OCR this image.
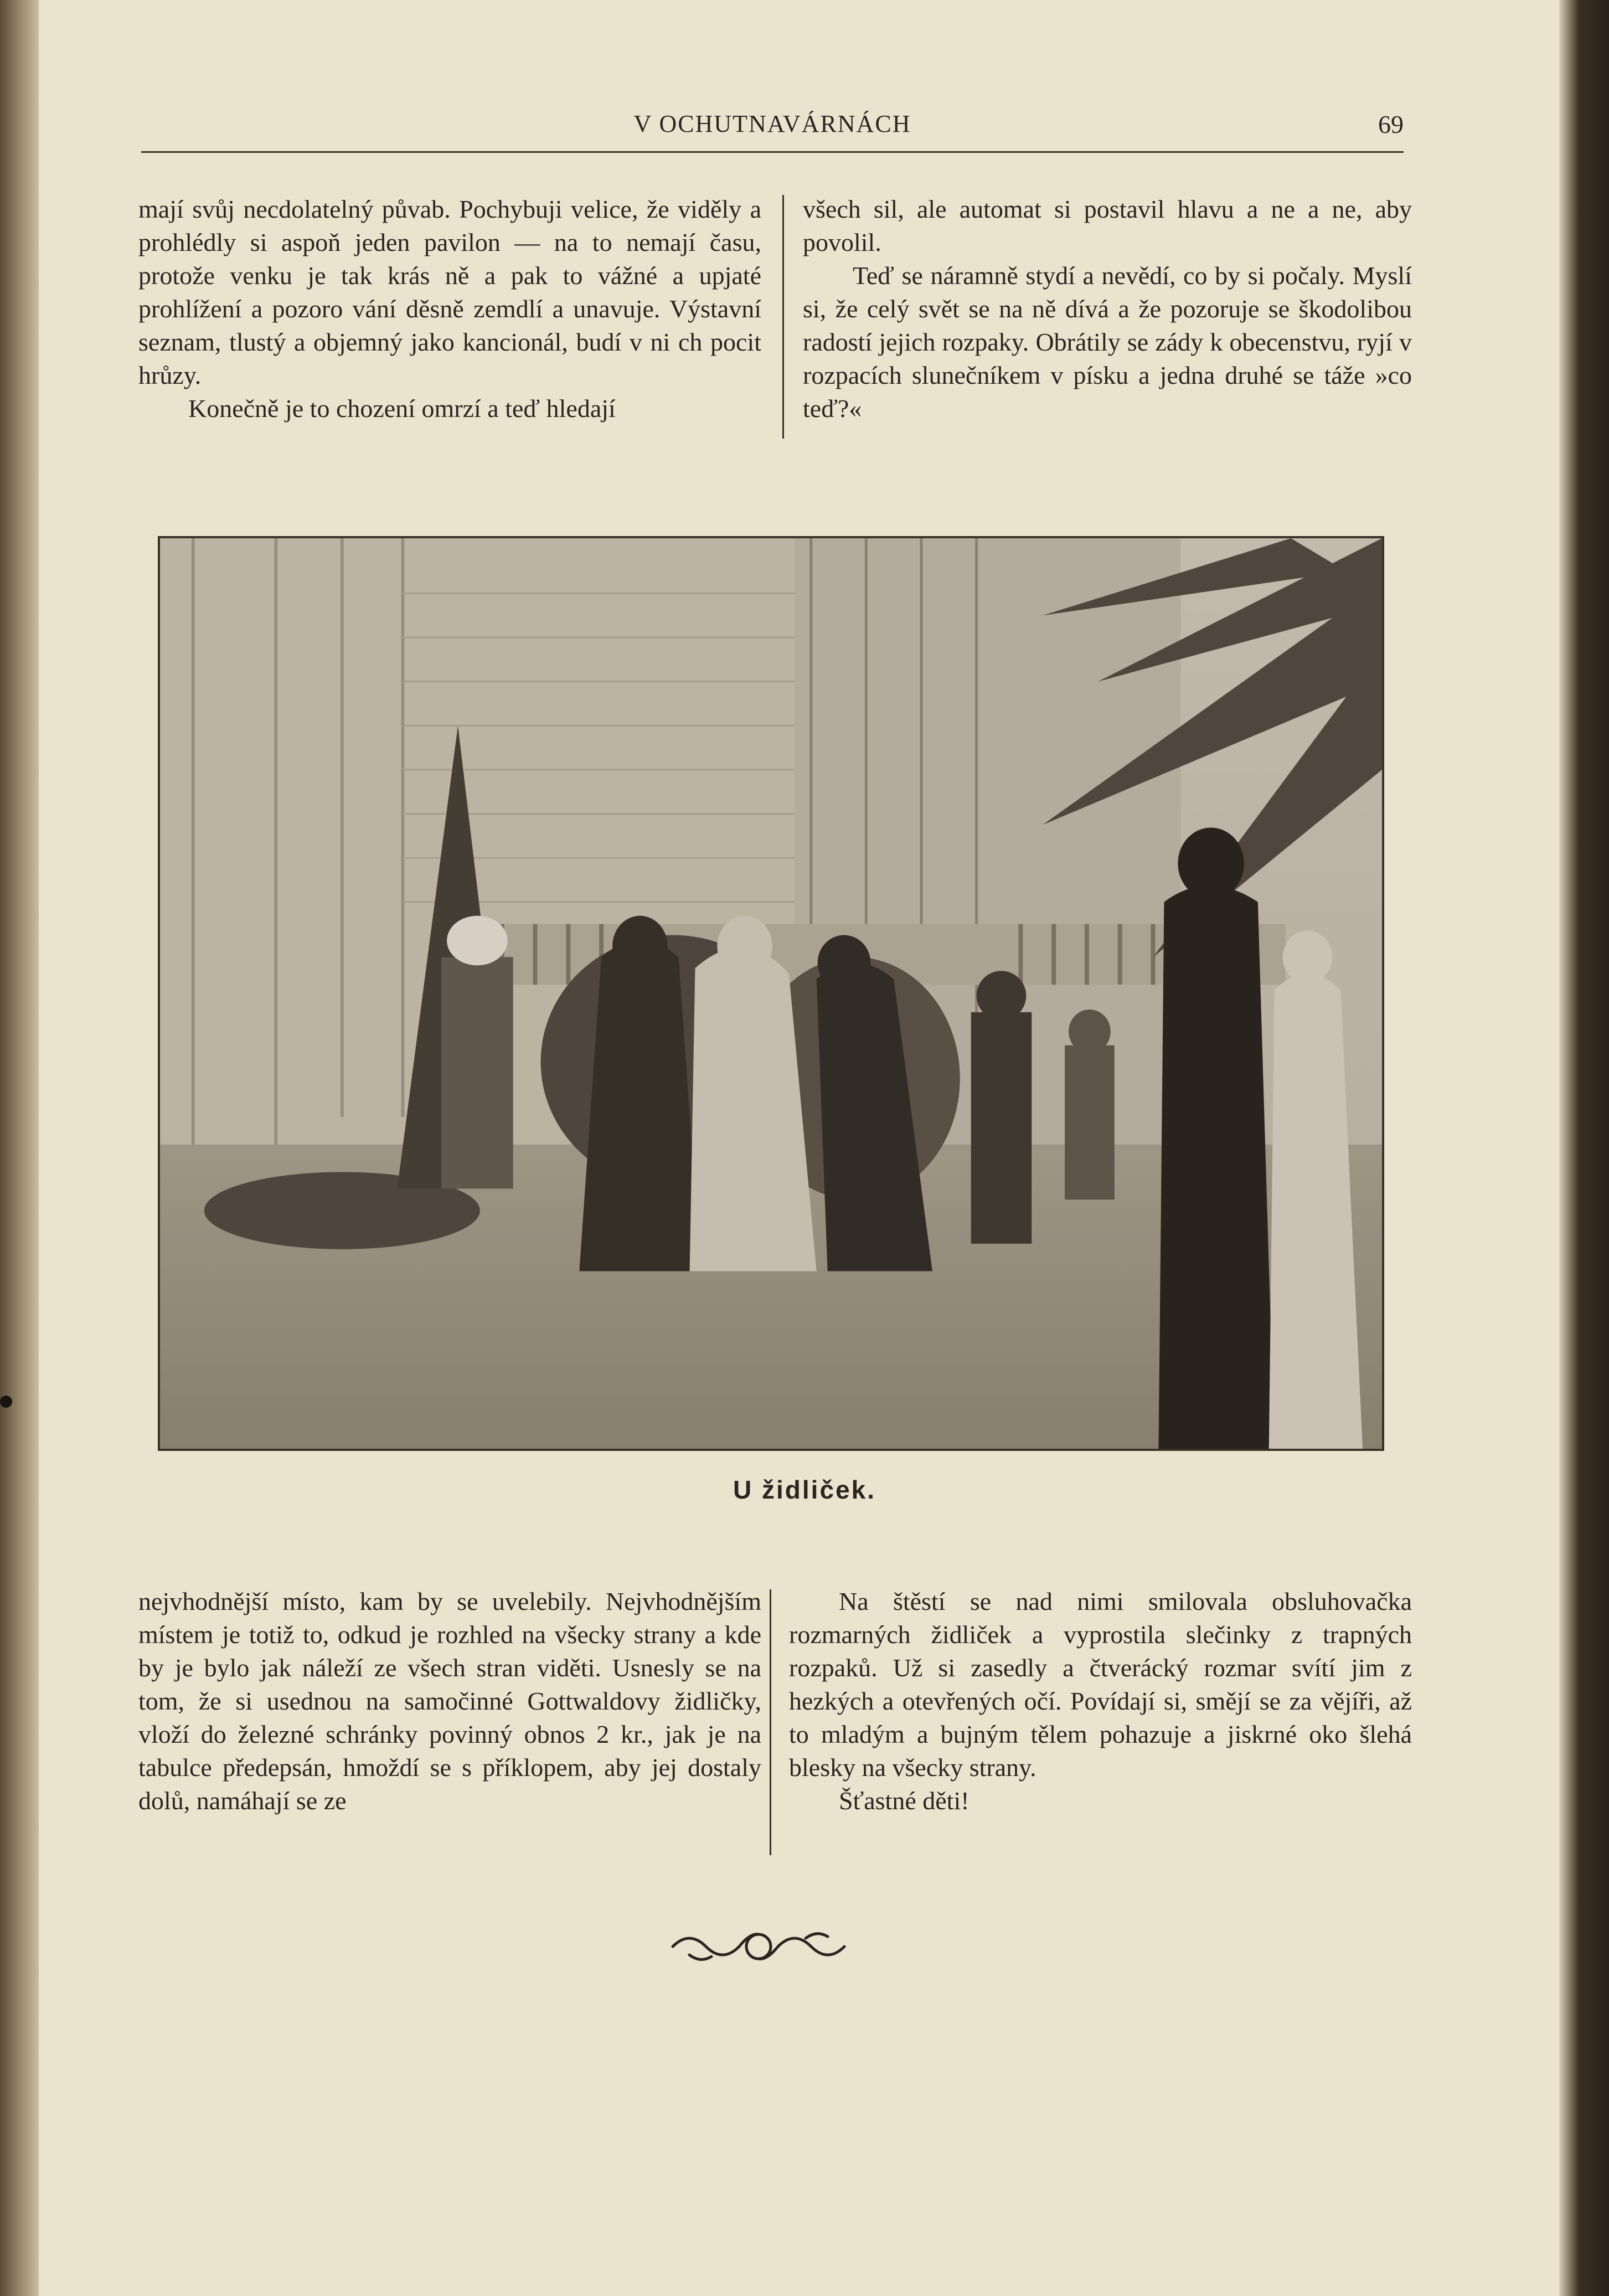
V OCHUTNAVÁRNÁCH	69

mají svůj necdolatelný půvab. Pochybuji velice, že viděly a prohlédly si aspoň jeden pavilon — na to nemají času, protože venku je tak krás ně a pak to vážné a upjaté prohlížení a pozoro vání děsně zemdlí a unavuje. Výstavní seznam, tlustý a objemný jako kancionál, budí v ni ch pocit hrůzy.

Konečně je to chození omrzí a teď hledají

všech sil, ale automat si postavil hlavu a ne a ne, aby povolil.

Teď se náramně stydí a nevědí, co by si počaly. Myslí si, že celý svět se na ně dívá a že pozoruje se škodolibou radostí jejich rozpaky. Obrátily se zády k obecenstvu, ryjí v rozpacích slunečníkem v písku a jedna druhé se táže »co teď?«

U židliček.

nejvhodnější místo, kam by se uvelebily. Nejvhodnějším místem je totiž to, odkud je rozhled na všecky strany a kde by je bylo jak náleží ze všech stran viděti. Usnesly se na tom, že si usednou na samočinné Gottwaldovy židličky, vloží do železné schránky povinný obnos 2 kr., jak je na tabulce předepsán, hmoždí se s příklopem, aby jej dostaly dolů, namáhají se ze

Na štěstí se nad nimi smilovala obsluhovačka rozmarných židliček a vyprostila slečinky z trapných rozpaků. Už si zasedly a čtverácký rozmar svítí jim z hezkých a otevřených očí. Povídají si, smějí se za vějíři, až to mladým a bujným tělem pohazuje a jiskrné oko šlehá blesky na všecky strany.

Šťastné děti!
